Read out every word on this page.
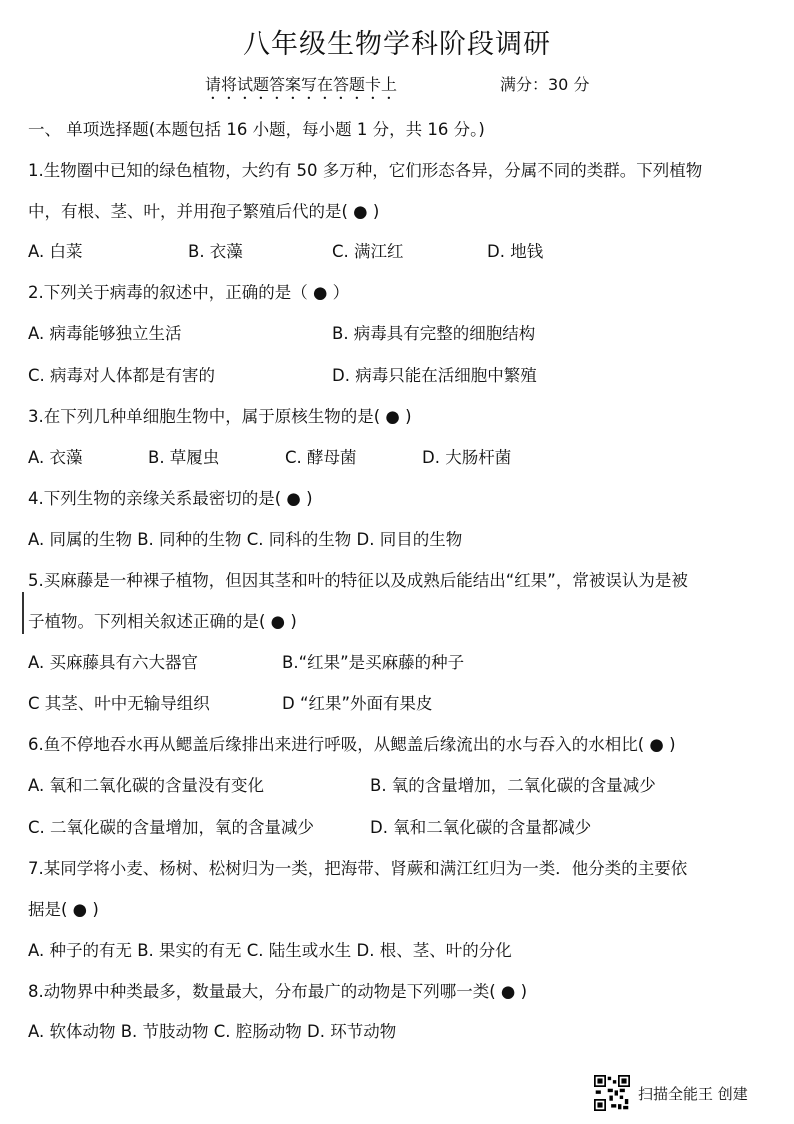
八年级生物学科阶段调研
请将试题答案写在答题卡上	满分：30 分
一、 单项选择题(本题包括 16 小题，每小题 1 分，共 16 分。)
1.生物圈中已知的绿色植物，大约有 50 多万种，它们形态各异，分属不同的类群。下列植物
中，有根、茎、叶，并用孢子繁殖后代的是( ● )
A. 白菜	B. 衣藻	C. 满江红	D. 地钱
2.下列关于病毒的叙述中，正确的是（ ● ）
A. 病毒能够独立生活	B. 病毒具有完整的细胞结构
C. 病毒对人体都是有害的	D. 病毒只能在活细胞中繁殖
3.在下列几种单细胞生物中，属于原核生物的是( ● )
A. 衣藻	B. 草履虫	C. 酵母菌	D. 大肠杆菌
4.下列生物的亲缘关系最密切的是( ● )
A. 同属的生物 B. 同种的生物 C. 同科的生物 D. 同目的生物
5.买麻藤是一种裸子植物，但因其茎和叶的特征以及成熟后能结出“红果”，常被误认为是被
子植物。下列相关叙述正确的是( ● )
A. 买麻藤具有六大器官	B.“红果”是买麻藤的种子
C 其茎、叶中无输导组织	D “红果”外面有果皮
6.鱼不停地吞水再从鳃盖后缘排出来进行呼吸，从鳃盖后缘流出的水与吞入的水相比( ● )
A. 氧和二氧化碳的含量没有变化	B. 氧的含量增加，二氧化碳的含量减少
C. 二氧化碳的含量增加，氧的含量减少	D. 氧和二氧化碳的含量都减少
7.某同学将小麦、杨树、松树归为一类，把海带、肾蕨和满江红归为一类．他分类的主要依
据是( ● )
A. 种子的有无 B. 果实的有无 C. 陆生或水生 D. 根、茎、叶的分化
8.动物界中种类最多，数量最大，分布最广的动物是下列哪一类( ● )
A. 软体动物 B. 节肢动物 C. 腔肠动物 D. 环节动物
扫描全能王 创建
